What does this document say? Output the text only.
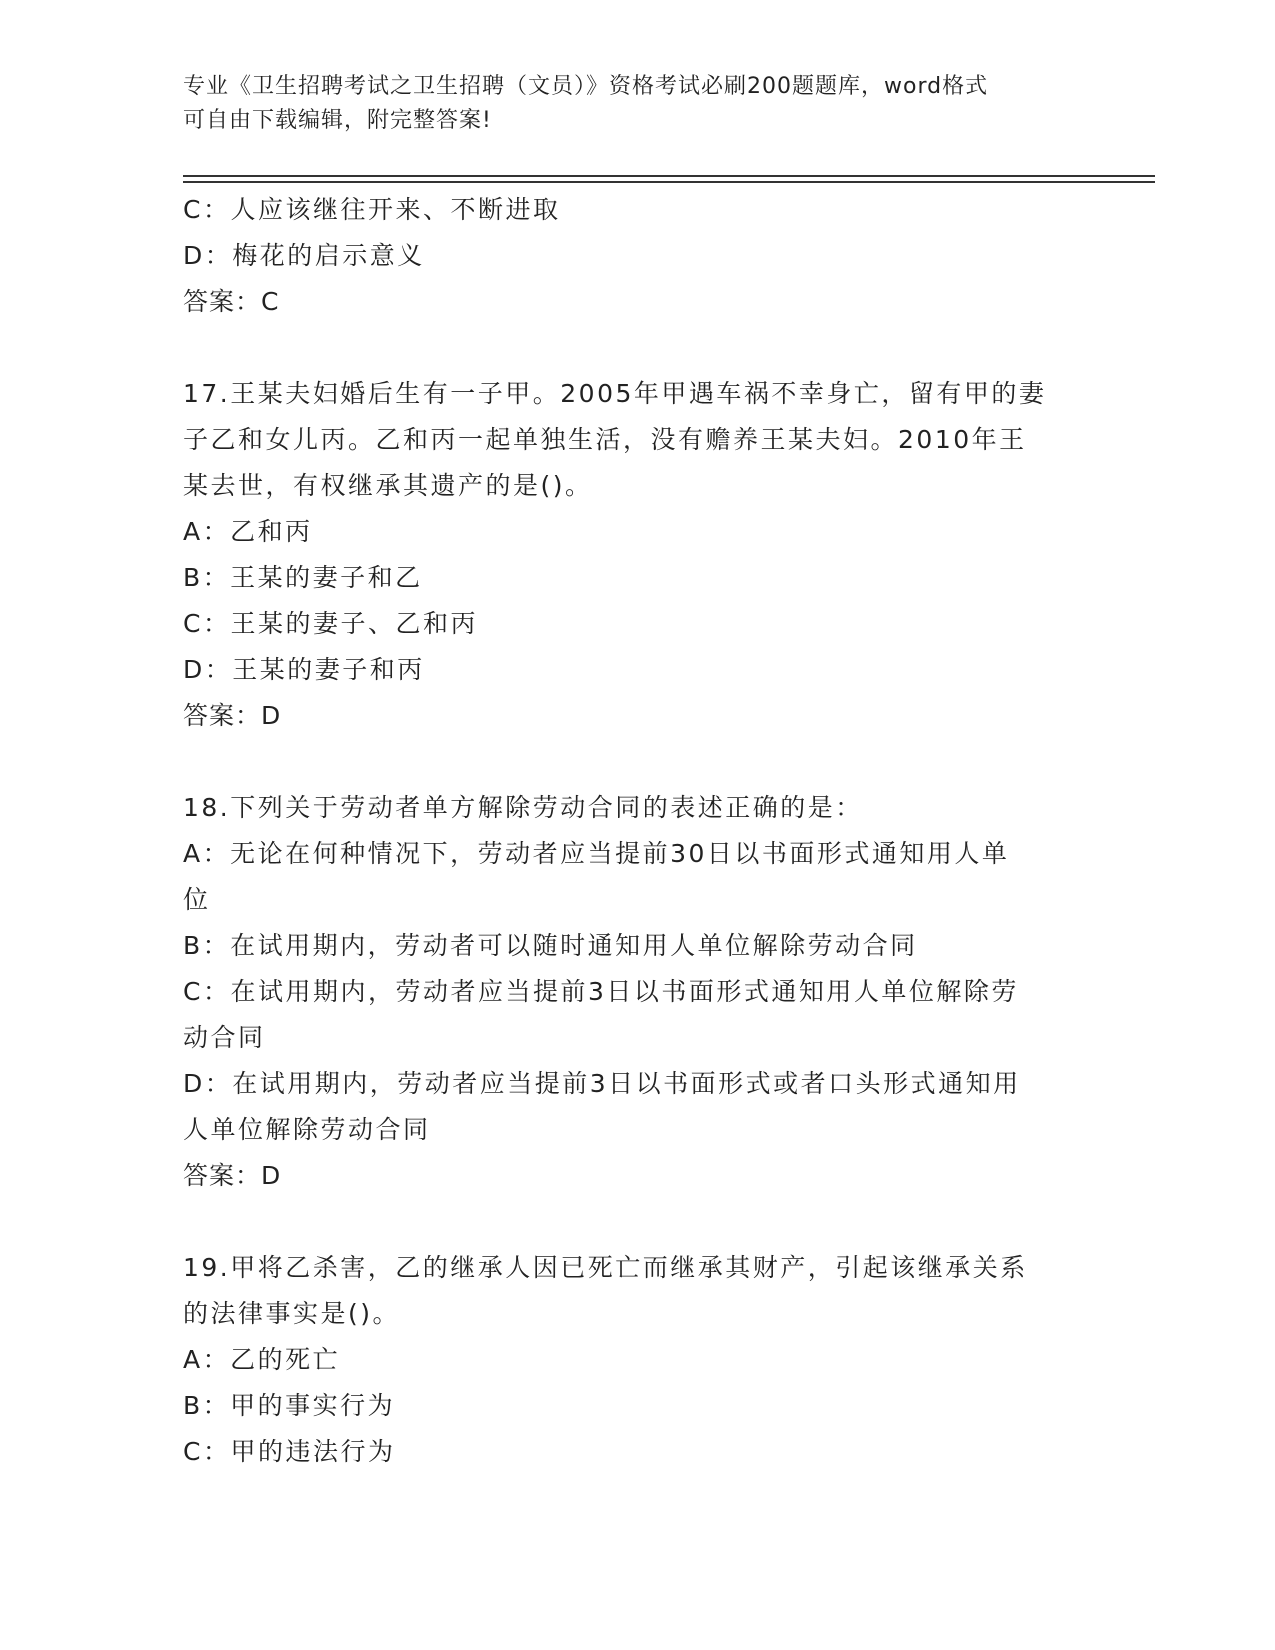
专业《卫生招聘考试之卫生招聘（文员）》资格考试必刷200题题库，word格式
可自由下载编辑，附完整答案!
C：人应该继往开来、不断进取
D：梅花的启示意义
答案：C
17.王某夫妇婚后生有一子甲。2005年甲遇车祸不幸身亡，留有甲的妻
子乙和女儿丙。乙和丙一起单独生活，没有赡养王某夫妇。2010年王
某去世，有权继承其遗产的是()。
A：乙和丙
B：王某的妻子和乙
C：王某的妻子、乙和丙
D：王某的妻子和丙
答案：D
18.下列关于劳动者单方解除劳动合同的表述正确的是：
A：无论在何种情况下，劳动者应当提前30日以书面形式通知用人单
位
B：在试用期内，劳动者可以随时通知用人单位解除劳动合同
C：在试用期内，劳动者应当提前3日以书面形式通知用人单位解除劳
动合同
D：在试用期内，劳动者应当提前3日以书面形式或者口头形式通知用
人单位解除劳动合同
答案：D
19.甲将乙杀害，乙的继承人因已死亡而继承其财产，引起该继承关系
的法律事实是()。
A：乙的死亡
B：甲的事实行为
C：甲的违法行为
